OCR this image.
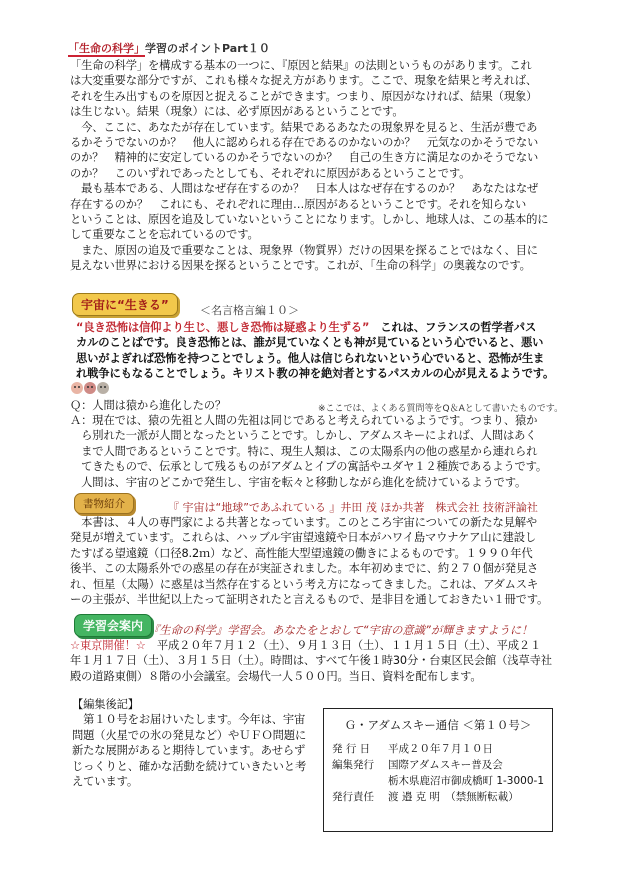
「生命の科学」学習のポイントPart１０
「生命の科学」を構成する基本の一つに、『原因と結果』の法則というものがあります。これ
は大変重要な部分ですが、これも様々な捉え方があります。ここで、現象を結果と考えれば、
それを生み出すものを原因と捉えることができます。つまり、原因がなければ、結果（現象）
は生じない。結果（現象）には、必ず原因があるということです。
　今、ここに、あなたが存在しています。結果であるあなたの現象界を見ると、生活が豊であ
るかそうでないのか？　他人に認められる存在であるのかないのか？　元気なのかそうでない
のか？　精神的に安定しているのかそうでないのか？　自己の生き方に満足なのかそうでない
のか？　このいずれであったとしても、それぞれに原因があるということです。
　最も基本である、人間はなぜ存在するのか？　日本人はなぜ存在するのか？　あなたはなぜ
存在するのか？　これにも、それぞれに理由…原因があるということです。それを知らない
ということは、原因を追及していないということになります。しかし、地球人は、この基本的に
して重要なことを忘れているのです。
　また、原因の追及で重要なことは、現象界（物質界）だけの因果を探ることではなく、目に
見えない世界における因果を探るということです。これが、「生命の科学」の奥義なのです。
宇宙に“生きる”	＜名言格言編１０＞
“良き恐怖は信仰より生じ、悪しき恐怖は疑惑より生ずる”　これは、フランスの哲学者パス
カルのことばです。良き恐怖とは、誰が見ていなくとも神が見ているという心でいると、悪い
思いがよぎれば恐怖を持つことでしょう。他人は信じられないという心でいると、恐怖が生ま
れ戦争にもなることでしょう。キリスト教の神を絶対者とするパスカルの心が見えるようです。
Ｑ：人間は猿から進化したの？	※ここでは、よくある質問等をQ＆Aとして書いたものです。
Ａ：現在では、猿の先祖と人間の先祖は同じであると考えられているようです。つまり、猿か
　ら別れた一派が人間となったということです。しかし、アダムスキーによれば、人間はあく
　まで人間であるということです。特に、現生人類は、この太陽系内の他の惑星から連れられ
　てきたもので、伝承として残るものがアダムとイブの寓話やユダヤ１２種族であるようです。
　人間は、宇宙のどこかで発生し、宇宙を転々と移動しながら進化を続けているようです。
書物紹介	『 宇宙は“地球”であふれている 』井田 茂 ほか共著　株式会社 技術評論社
　本書は、４人の専門家による共著となっています。このところ宇宙についての新たな見解や
発見が増えています。これらは、ハッブル宇宙望遠鏡や日本がハワイ島マウナケア山に建設し
たすばる望遠鏡（口径8.2ｍ）など、高性能大型望遠鏡の働きによるものです。１９９０年代
後半、この太陽系外での惑星の存在が実証されました。本年初めまでに、約２７０個が発見さ
れ、恒星（太陽）に惑星は当然存在するという考え方になってきました。これは、アダムスキ
ーの主張が、半世紀以上たって証明されたと言えるもので、是非目を通しておきたい１冊です。
学習会案内 『生命の科学』学習会。あなたをとおして“宇宙の意識”が輝きますように！
☆東京開催！☆　平成２０年７月１２（土）、９月１３日（土）、１１月１５日（土）、平成２１
年１月１７日（土）、３月１５日（土）。時間は、すべて午後１時30分・台東区民会館（浅草寺社
殿の道路東側）８階の小会議室。会場代一人５００円。当日、資料を配布します。
【編集後記】
　第１０号をお届けいたします。今年は、宇宙
問題（火星での氷の発見など）やＵＦＯ問題に
新たな展開があると期待しています。あせらず
じっくりと、確かな活動を続けていきたいと考
えています。
Ｇ・アダムスキー通信 ＜第１０号＞
発 行 日 平成２０年７月１０日
編集発行 国際アダムスキー普及会
栃木県鹿沼市御成橋町 1-3000-1
発行責任 渡 邉 克 明　（禁無断転載）
